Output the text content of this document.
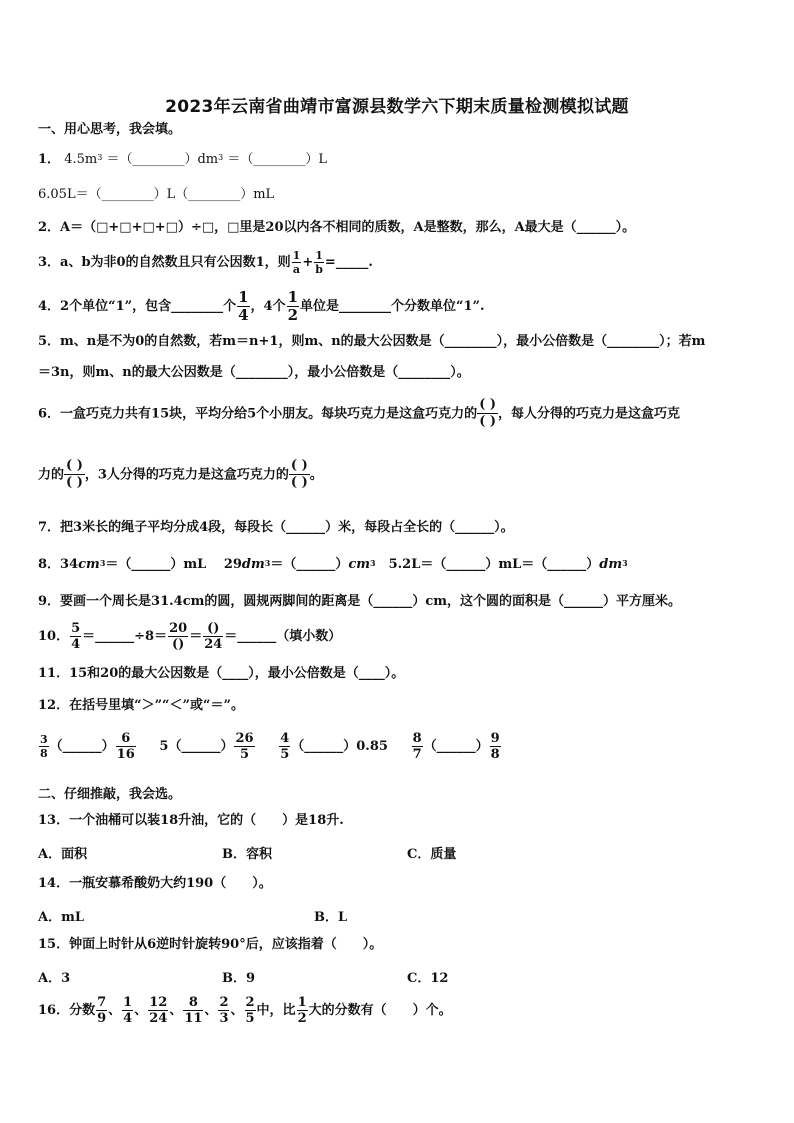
2023年云南省曲靖市富源县数学六下期末质量检测模拟试题
一、用心思考，我会填。
1． $4.5m^3$ $=(\_\_\_\_\_\_\_\_)dm^3$ ＝（________）L
6.05L＝（________）L（________）mL
2．A＝（□+□+□+□）÷□，□里是20以内各不相同的质数，A是整数，那么，A最大是（______）。
3．a、b为非0的自然数且只有公因数1，则 $\frac{1}{a} + \frac{1}{b}$ =_____.
4．2个单位“1”，包含________个 $\frac{1}{4}$ ，4个 $\frac{1}{2}$ 单位是________个分数单位“1”.
5．m、n是不为0的自然数，若m＝n+1，则m、n的最大公因数是（________），最小公倍数是（________）；若m
＝3n，则m、n的最大公因数是（________），最小公倍数是（________）。
6．一盒巧克力共有15块，平均分给5个小朋友。每块巧克力是这盒巧克力的
( )
( )
，每人分得的巧克力是这盒巧克
力的
( )
( )
，3人分得的巧克力是这盒巧克力的
( )
( )
。
7．把3米长的绳子平均分成4段，每段长（______）米，每段占全长的（______）。
8．$34cm^3=(\_\_\_\_\_\_)mL$　 $29dm^3=(\_\_\_\_\_\_)cm^3$　$5.2L=(\_\_\_\_\_\_)mL=(\_\_\_\_\_\_)dm^3$
9．要画一个周长是31.4cm的圆，圆规两脚间的距离是（______）cm，这个圆的面积是（______）平方厘米。
10． $\frac{5}{4}$ ＝______÷8＝ $\frac{20}{()} = \frac{()}{24}$ ＝______（填小数）
11．15和20的最大公因数是（____），最小公倍数是（____）。
12．在括号里填“＞”“＜”或“＝”。
$\frac{3}{8}$ （______） $\frac{6}{16}$ 5（______） $\frac{26}{5}$
$\frac{4}{5}$ （______）0.85 $\frac{8}{7}$ （______） $\frac{9}{8}$
二、仔细推敲，我会选。
13．一个油桶可以装18升油，它的（　　）是18升.
A．面积	B．容积	C．质量
14．一瓶安慕希酸奶大约190（　　）。
A．mL	B．L
15．钟面上时针从6逆时针旋转90°后，应该指着（　　）。
A．3	B．9	C．12
16．分数 $\frac{7}{9}$ 、 $\frac{1}{4}$ 、 $\frac{12}{24}$ 、 $\frac{8}{11}$ 、 $\frac{2}{3}$ 、 $\frac{2}{5}$ 中，比 $\frac{1}{2}$ 大的分数有（　　）个。
